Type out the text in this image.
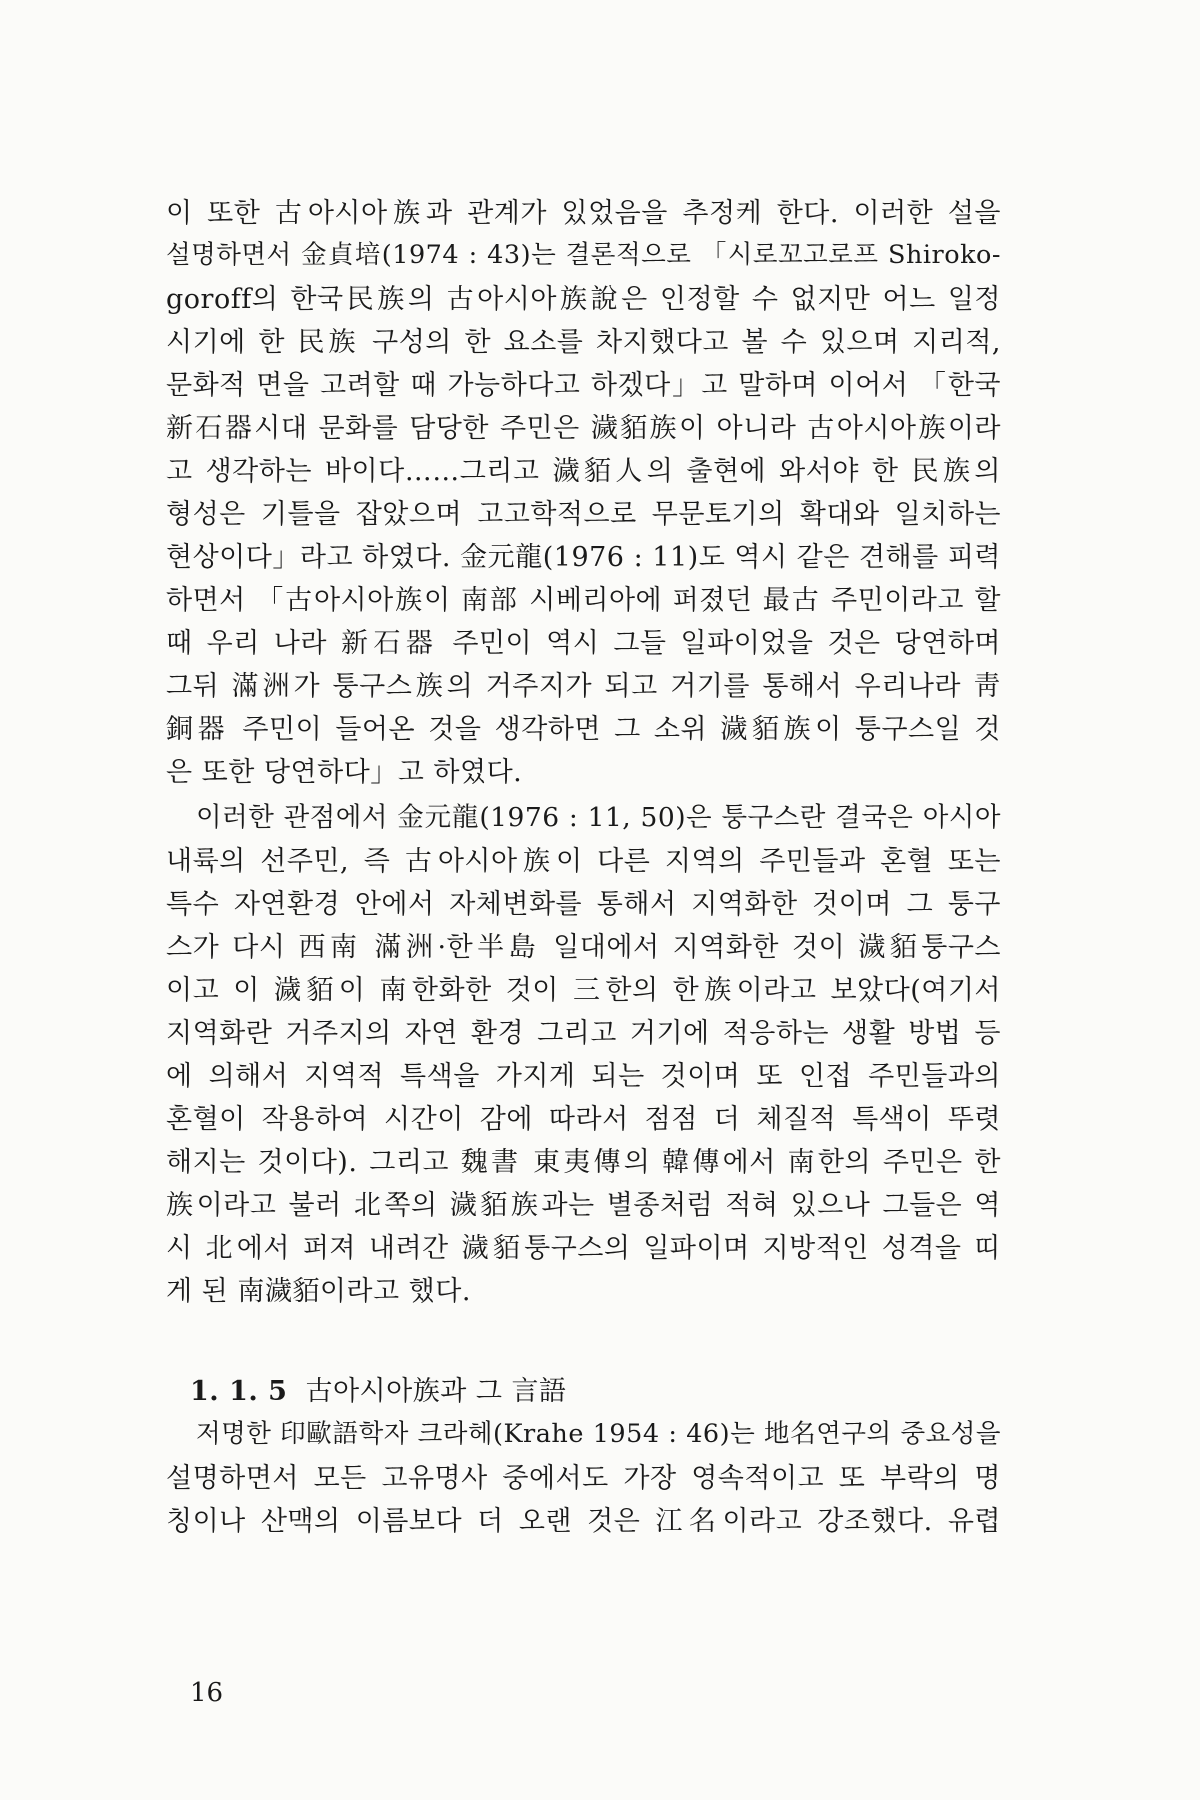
이 또한 古아시아族과 관계가 있었음을 추정케 한다. 이러한 설을
설명하면서 金貞培(1974 : 43)는 결론적으로 「시로꼬고로프 Shiroko-
goroff의 한국民族의 古아시아族說은 인정할 수 없지만 어느 일정
시기에 한 民族 구성의 한 요소를 차지했다고 볼 수 있으며 지리적,
문화적 면을 고려할 때 가능하다고 하겠다」고 말하며 이어서 「한국
新石器시대 문화를 담당한 주민은 濊貊族이 아니라 古아시아族이라
고 생각하는 바이다……그리고 濊貊人의 출현에 와서야 한 民族의
형성은 기틀을 잡았으며 고고학적으로 무문토기의 확대와 일치하는
현상이다」라고 하였다. 金元龍(1976 : 11)도 역시 같은 견해를 피력
하면서 「古아시아族이 南部 시베리아에 퍼졌던 最古 주민이라고 할
때 우리 나라 新石器 주민이 역시 그들 일파이었을 것은 당연하며
그뒤 滿洲가 퉁구스族의 거주지가 되고 거기를 통해서 우리나라 靑
銅器 주민이 들어온 것을 생각하면 그 소위 濊貊族이 퉁구스일 것
은 또한 당연하다」고 하였다.
이러한 관점에서 金元龍(1976 : 11, 50)은 퉁구스란 결국은 아시아
내륙의 선주민, 즉 古아시아族이 다른 지역의 주민들과 혼혈 또는
특수 자연환경 안에서 자체변화를 통해서 지역화한 것이며 그 퉁구
스가 다시 西南 滿洲·한半島 일대에서 지역화한 것이 濊貊퉁구스
이고 이 濊貊이 南한화한 것이 三한의 한族이라고 보았다(여기서
지역화란 거주지의 자연 환경 그리고 거기에 적응하는 생활 방법 등
에 의해서 지역적 특색을 가지게 되는 것이며 또 인접 주민들과의
혼혈이 작용하여 시간이 감에 따라서 점점 더 체질적 특색이 뚜렷
해지는 것이다). 그리고 魏書 東夷傳의 韓傳에서 南한의 주민은 한
族이라고 불러 北쪽의 濊貊族과는 별종처럼 적혀 있으나 그들은 역
시 北에서 퍼져 내려간 濊貊퉁구스의 일파이며 지방적인 성격을 띠
게 된 南濊貊이라고 했다.
1. 1. 5 古아시아族과 그 言語
저명한 印歐語학자 크라헤(Krahe 1954 : 46)는 地名연구의 중요성을
설명하면서 모든 고유명사 중에서도 가장 영속적이고 또 부락의 명
칭이나 산맥의 이름보다 더 오랜 것은 江名이라고 강조했다. 유렵
16
